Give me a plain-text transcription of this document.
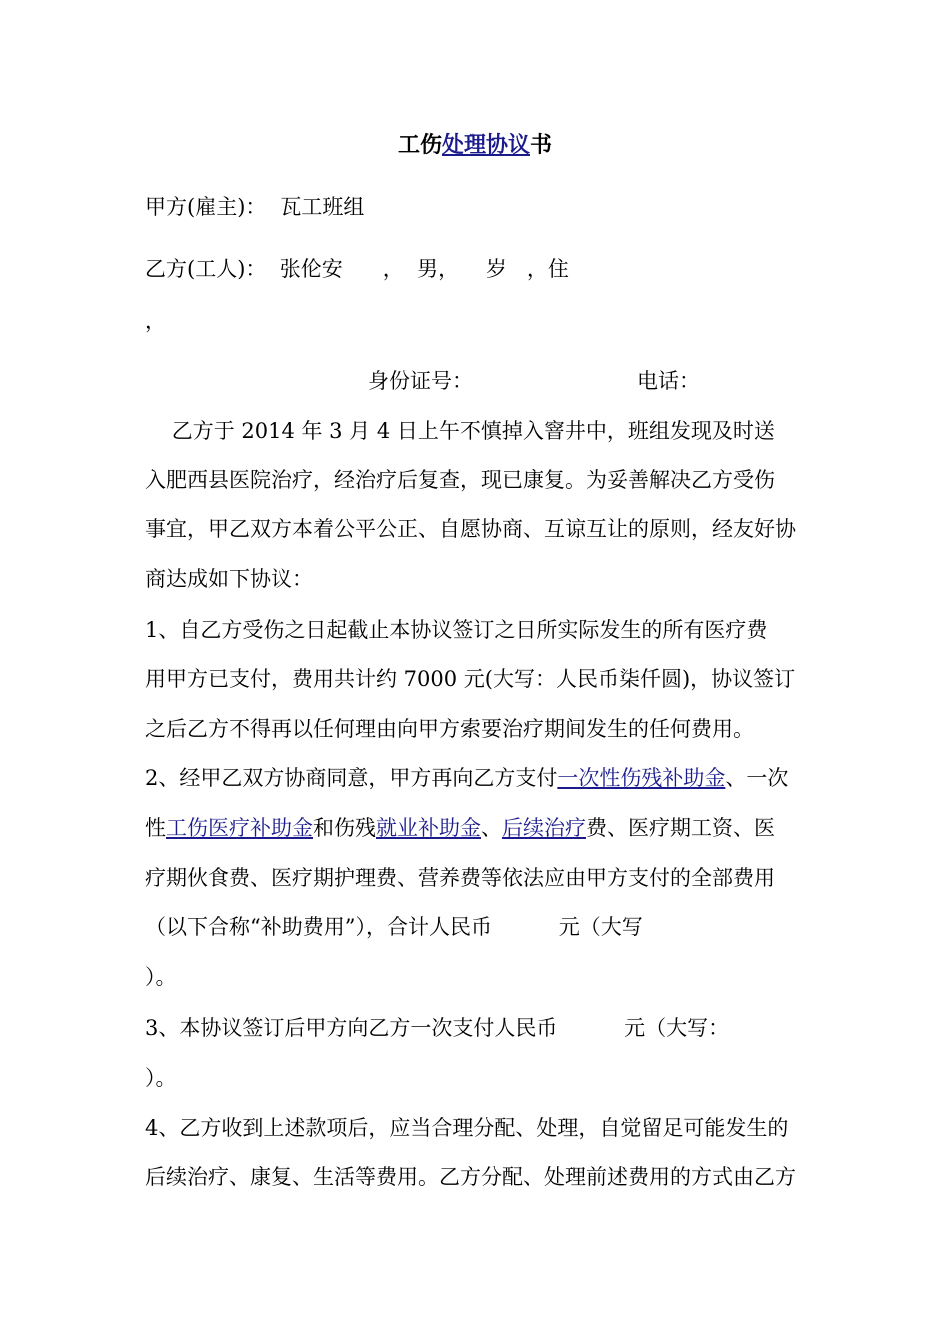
工伤处理协议书
甲方(雇主)： 瓦工班组
乙方(工人)：  张伦安      ，  男，    岁   ，住
，
身份证号：	电话：
乙方于 2014 年 3 月 4 日上午不慎掉入窨井中，班组发现及时送
入肥西县医院治疗，经治疗后复查，现已康复。为妥善解决乙方受伤
事宜，甲乙双方本着公平公正、自愿协商、互谅互让的原则，经友好协
商达成如下协议：
1、自乙方受伤之日起截止本协议签订之日所实际发生的所有医疗费
用甲方已支付，费用共计约 7000 元(大写：人民币柒仟圆)，协议签订
之后乙方不得再以任何理由向甲方索要治疗期间发生的任何费用。
2、经甲乙双方协商同意，甲方再向乙方支付一次性伤残补助金、一次
性工伤医疗补助金和伤残就业补助金、后续治疗费、医疗期工资、医
疗期伙食费、医疗期护理费、营养费等依法应由甲方支付的全部费用
（以下合称“补助费用”），合计人民币          元（大写
）。
3、本协议签订后甲方向乙方一次支付人民币          元（大写：
）。
4、乙方收到上述款项后，应当合理分配、处理，自觉留足可能发生的
后续治疗、康复、生活等费用。乙方分配、处理前述费用的方式由乙方
